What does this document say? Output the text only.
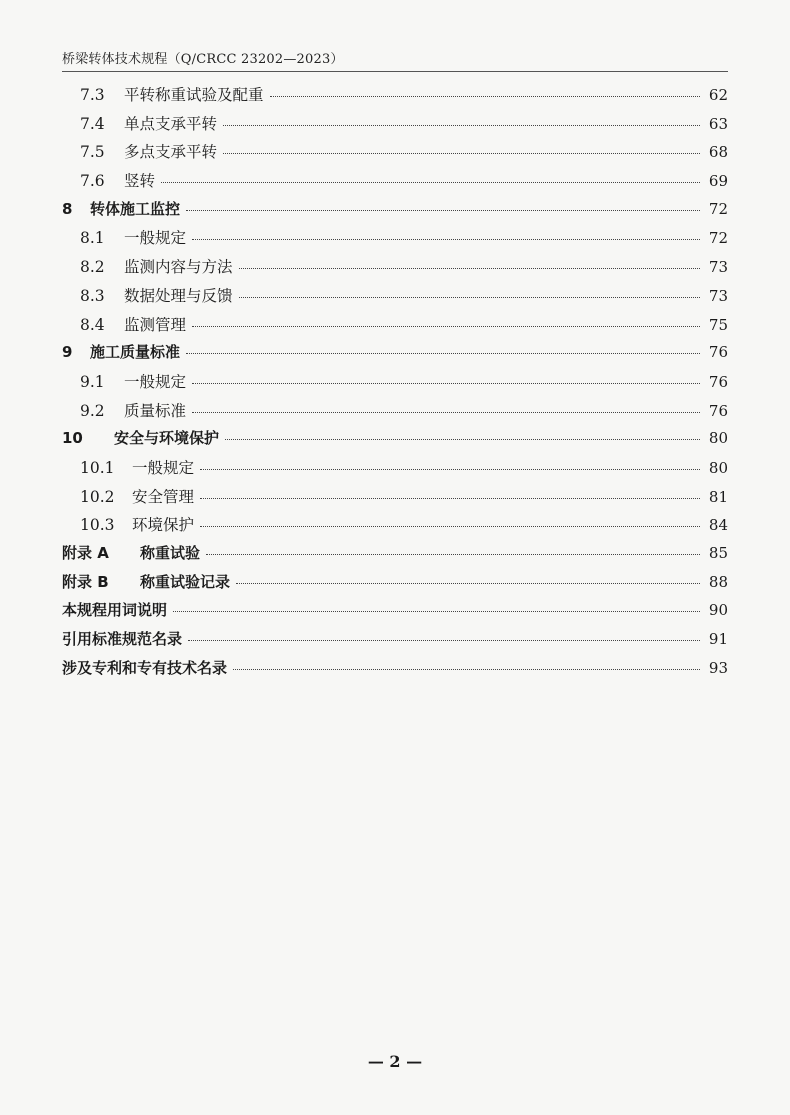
桥梁转体技术规程（Q/CRCC 23202—2023）
7.3	平转称重试验及配重	62
7.4	单点支承平转	63
7.5	多点支承平转	68
7.6	竖转	69
8	转体施工监控	72
8.1	一般规定	72
8.2	监测内容与方法	73
8.3	数据处理与反馈	73
8.4	监测管理	75
9	施工质量标准	76
9.1	一般规定	76
9.2	质量标准	76
10	安全与环境保护	80
10.1	一般规定	80
10.2	安全管理	81
10.3	环境保护	84
附录 A	称重试验	85
附录 B	称重试验记录	88
本规程用词说明	90
引用标准规范名录	91
涉及专利和专有技术名录	93
— 2 —
